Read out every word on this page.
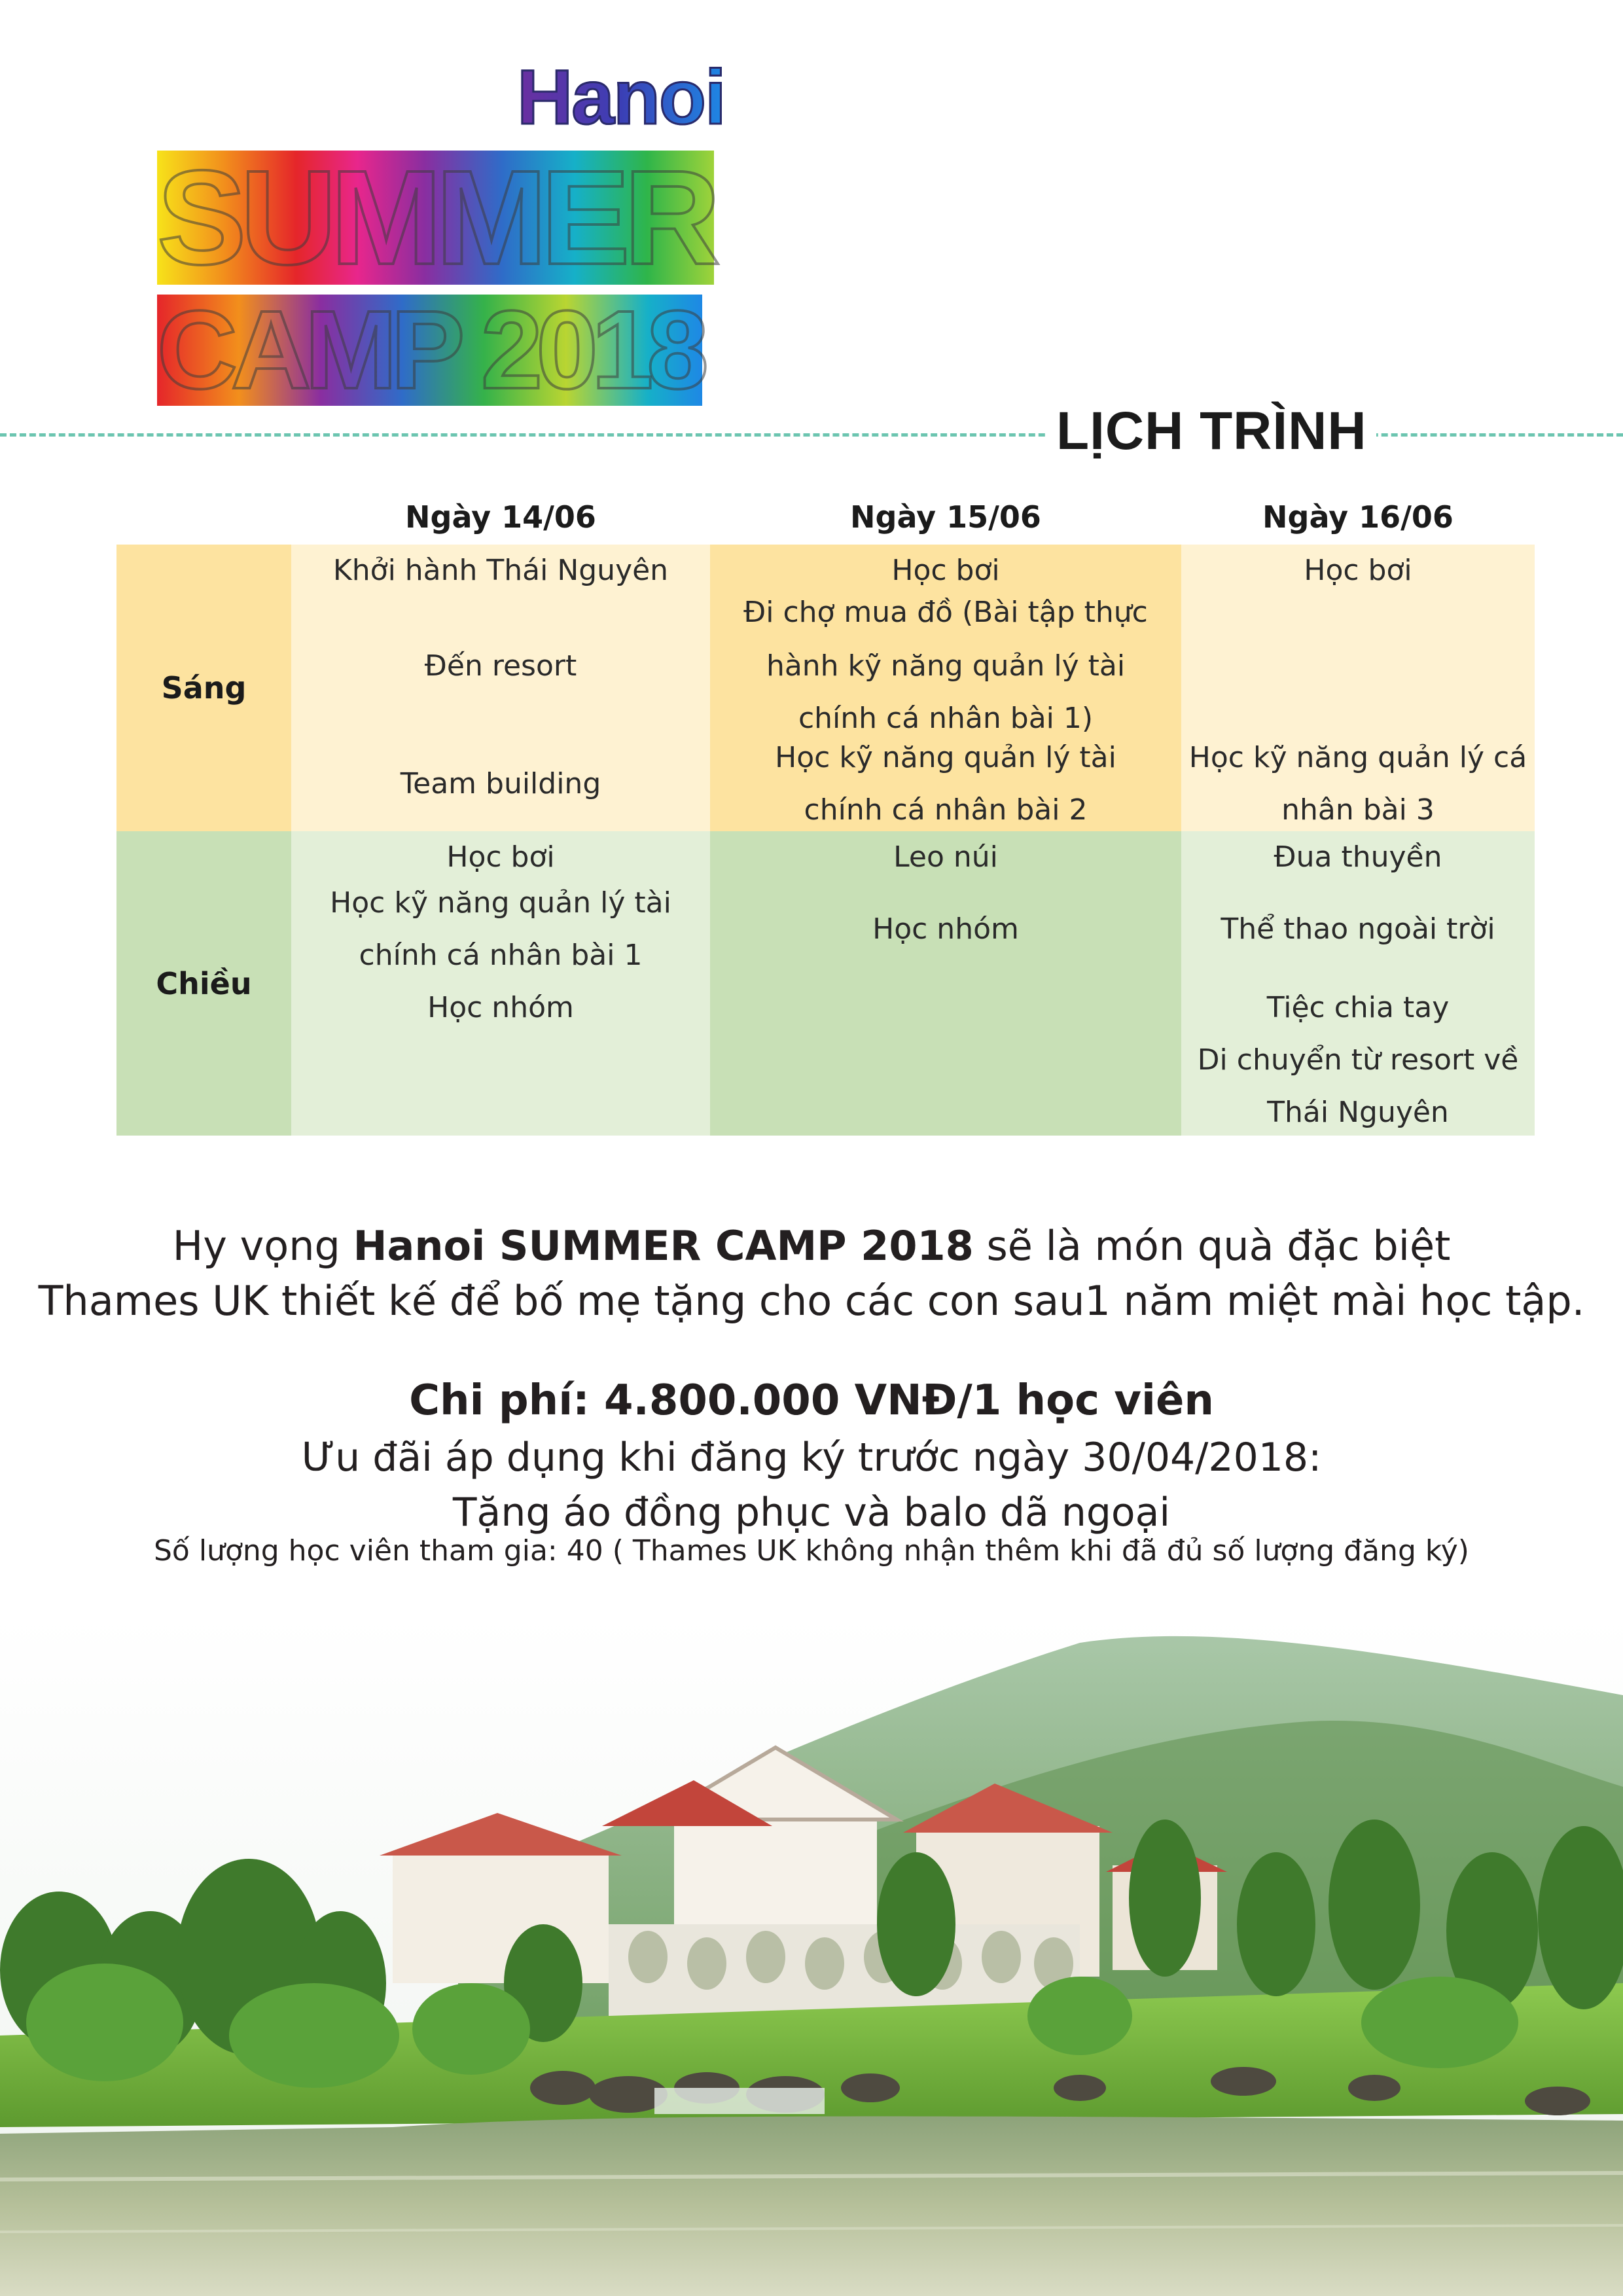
Hanoi
SUMMER
CAMP 2018
LỊCH TRÌNH
Ngày 14/06	Ngày 15/06	Ngày 16/06
Sáng
Khởi hành Thái Nguyên
Đến resort
Team building
Học bơi
Đi chợ mua đồ (Bài tập thực
hành kỹ năng quản lý tài
chính cá nhân bài 1)
Học kỹ năng quản lý tài
chính cá nhân bài 2
Học bơi
Học kỹ năng quản lý cá
nhân bài 3
Chiều
Học bơi
Học kỹ năng quản lý tài
chính cá nhân bài 1
Học nhóm
Leo núi
Học nhóm
Đua thuyền
Thể thao ngoài trời
Tiệc chia tay
Di chuyển từ resort về
Thái Nguyên
Hy vọng Hanoi SUMMER CAMP 2018 sẽ là món quà đặc biệt
Thames UK thiết kế để bố mẹ tặng cho các con sau1 năm miệt mài học tập.
Chi phí: 4.800.000 VNĐ/1 học viên
Ưu đãi áp dụng khi đăng ký trước ngày 30/04/2018:
Tặng áo đồng phục và balo dã ngoại
Số lượng học viên tham gia: 40 ( Thames UK không nhận thêm khi đã đủ số lượng đăng ký)
